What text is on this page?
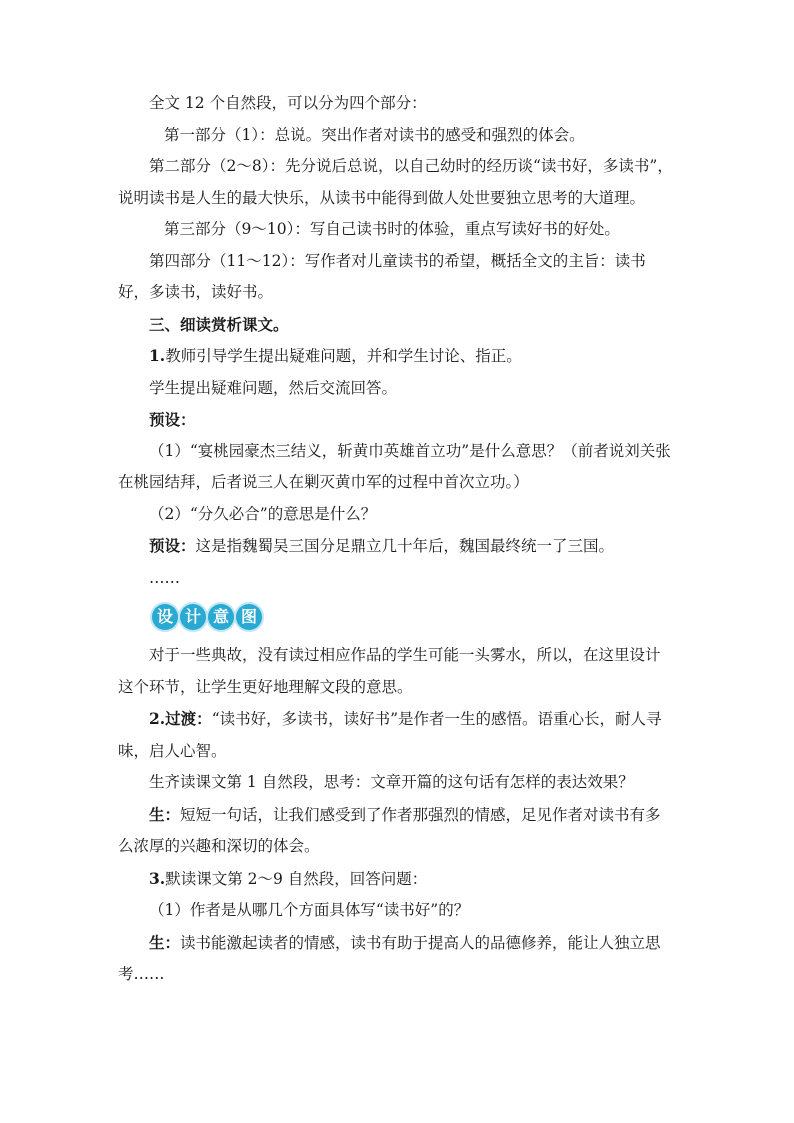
全文 12 个自然段，可以分为四个部分：

第一部分（1）：总说。突出作者对读书的感受和强烈的体会。

第二部分（2～8）：先分说后总说，以自己幼时的经历谈“读书好，多读书”，说明读书是人生的最大快乐，从读书中能得到做人处世要独立思考的大道理。

第三部分（9～10）：写自己读书时的体验，重点写读好书的好处。

第四部分（11～12）：写作者对儿童读书的希望，概括全文的主旨：读书好，多读书，读好书。

三、细读赏析课文。

1.教师引导学生提出疑难问题，并和学生讨论、指正。

学生提出疑难问题，然后交流回答。

预设：

（1）“宴桃园豪杰三结义，斩黄巾英雄首立功”是什么意思？（前者说刘关张在桃园结拜，后者说三人在剿灭黄巾军的过程中首次立功。）

（2）“分久必合”的意思是什么？

预设：这是指魏蜀吴三国分足鼎立几十年后，魏国最终统一了三国。

……

设 计 意 图

对于一些典故，没有读过相应作品的学生可能一头雾水，所以，在这里设计这个环节，让学生更好地理解文段的意思。

2.过渡：“读书好，多读书，读好书”是作者一生的感悟。语重心长，耐人寻味，启人心智。

生齐读课文第 1 自然段，思考：文章开篇的这句话有怎样的表达效果？

生：短短一句话，让我们感受到了作者那强烈的情感，足见作者对读书有多么浓厚的兴趣和深切的体会。

3.默读课文第 2～9 自然段，回答问题：

（1）作者是从哪几个方面具体写“读书好”的？

生：读书能激起读者的情感，读书有助于提高人的品德修养，能让人独立思考……
